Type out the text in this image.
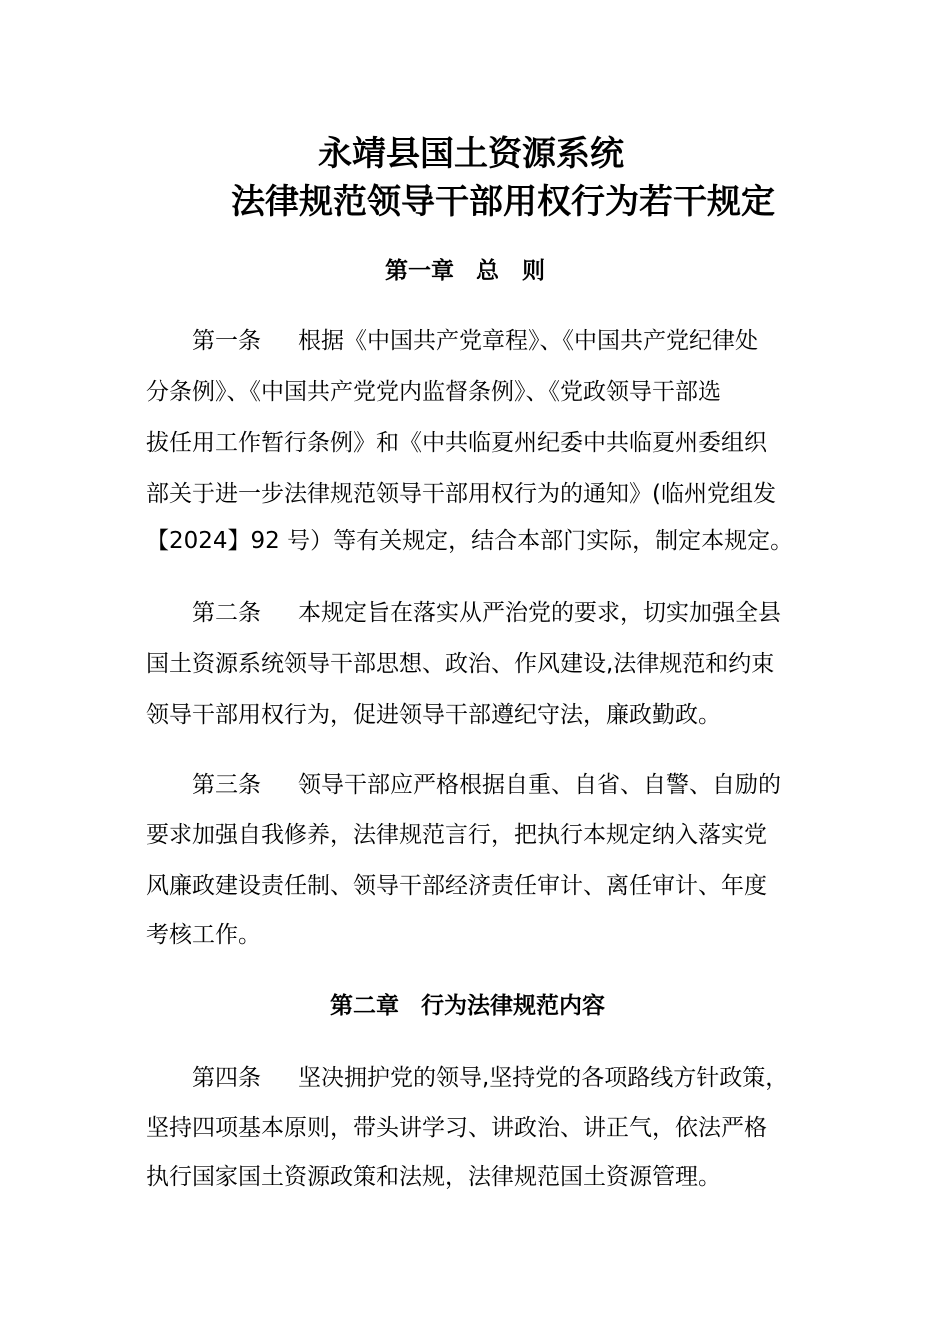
永靖县国土资源系统
法律规范领导干部用权行为若干规定
第一章 总　则
第一条 根据《中国共产党章程》、《中国共产党纪律处
分条例》、《中国共产党党内监督条例》、《党政领导干部选
拔任用工作暂行条例》和《中共临夏州纪委中共临夏州委组织
部关于进一步法律规范领导干部用权行为的通知》(临州党组发
【2024】92 号）等有关规定，结合本部门实际，制定本规定。
第二条 本规定旨在落实从严治党的要求，切实加强全县
国土资源系统领导干部思想、政治、作风建设,法律规范和约束
领导干部用权行为，促进领导干部遵纪守法，廉政勤政。
第三条 领导干部应严格根据自重、自省、自警、自励的
要求加强自我修养，法律规范言行，把执行本规定纳入落实党
风廉政建设责任制、领导干部经济责任审计、离任审计、年度
考核工作。
第二章 行为法律规范内容
第四条 坚决拥护党的领导,坚持党的各项路线方针政策，
坚持四项基本原则，带头讲学习、讲政治、讲正气，依法严格
执行国家国土资源政策和法规，法律规范国土资源管理。
